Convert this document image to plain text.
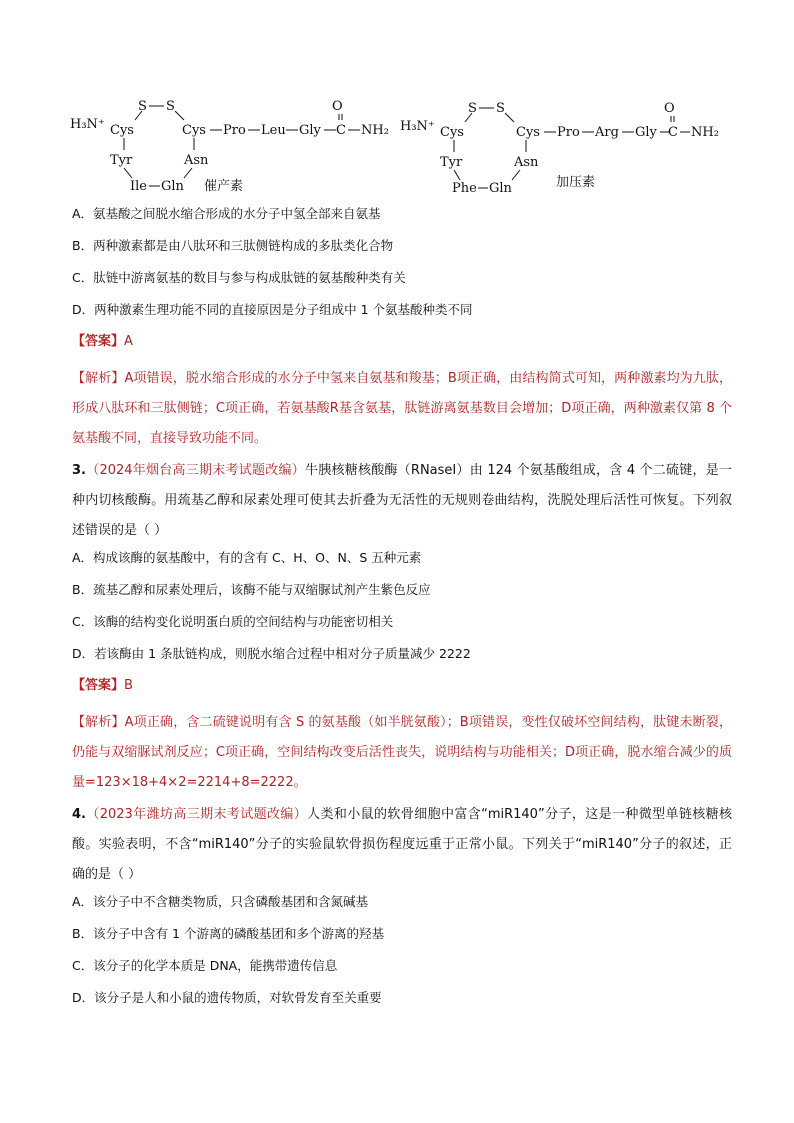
H₃N⁺ Cys
S S
Cys
Tyr
Ile Gln
Asn
Pro Leu Gly
O
C NH₂
催产素
H₃N⁺ Cys
S S
Cys
Tyr
Phe Gln
Asn
Pro Arg Gly
O
C NH₂
加压素

A．氨基酸之间脱水缩合形成的水分子中氢全部来自氨基

B．两种激素都是由八肽环和三肽侧链构成的多肽类化合物

C．肽链中游离氨基的数目与参与构成肽链的氨基酸种类有关

D．两种激素生理功能不同的直接原因是分子组成中 1 个氨基酸种类不同

【答案】A

【解析】A项错误，脱水缩合形成的水分子中氢来自氨基和羧基；B项正确，由结构简式可知，两种激素均为九肽，形成八肽环和三肽侧链；C项正确，若氨基酸R基含氨基，肽链游离氨基数目会增加；D项正确，两种激素仅第 8 个氨基酸不同，直接导致功能不同。

3.（2024年烟台高三期末考试题改编）牛胰核糖核酸酶（RNaseI）由 124 个氨基酸组成，含 4 个二硫键，是一种内切核酸酶。用巯基乙醇和尿素处理可使其去折叠为无活性的无规则卷曲结构，洗脱处理后活性可恢复。下列叙述错误的是（ ）

A．构成该酶的氨基酸中，有的含有 C、H、O、N、S 五种元素

B．巯基乙醇和尿素处理后，该酶不能与双缩脲试剂产生紫色反应

C．该酶的结构变化说明蛋白质的空间结构与功能密切相关

D．若该酶由 1 条肽链构成，则脱水缩合过程中相对分子质量减少 2222

【答案】B

【解析】A项正确，含二硫键说明有含 S 的氨基酸（如半胱氨酸）；B项错误，变性仅破坏空间结构，肽键未断裂，仍能与双缩脲试剂反应；C项正确，空间结构改变后活性丧失，说明结构与功能相关；D项正确，脱水缩合减少的质量=123×18+4×2=2214+8=2222。

4.（2023年潍坊高三期末考试题改编）人类和小鼠的软骨细胞中富含“miR140”分子，这是一种微型单链核糖核酸。实验表明，不含“miR140”分子的实验鼠软骨损伤程度远重于正常小鼠。下列关于“miR140”分子的叙述，正确的是（ ）

A．该分子中不含糖类物质，只含磷酸基团和含氮碱基

B．该分子中含有 1 个游离的磷酸基团和多个游离的羟基

C．该分子的化学本质是 DNA，能携带遗传信息

D．该分子是人和小鼠的遗传物质，对软骨发育至关重要
